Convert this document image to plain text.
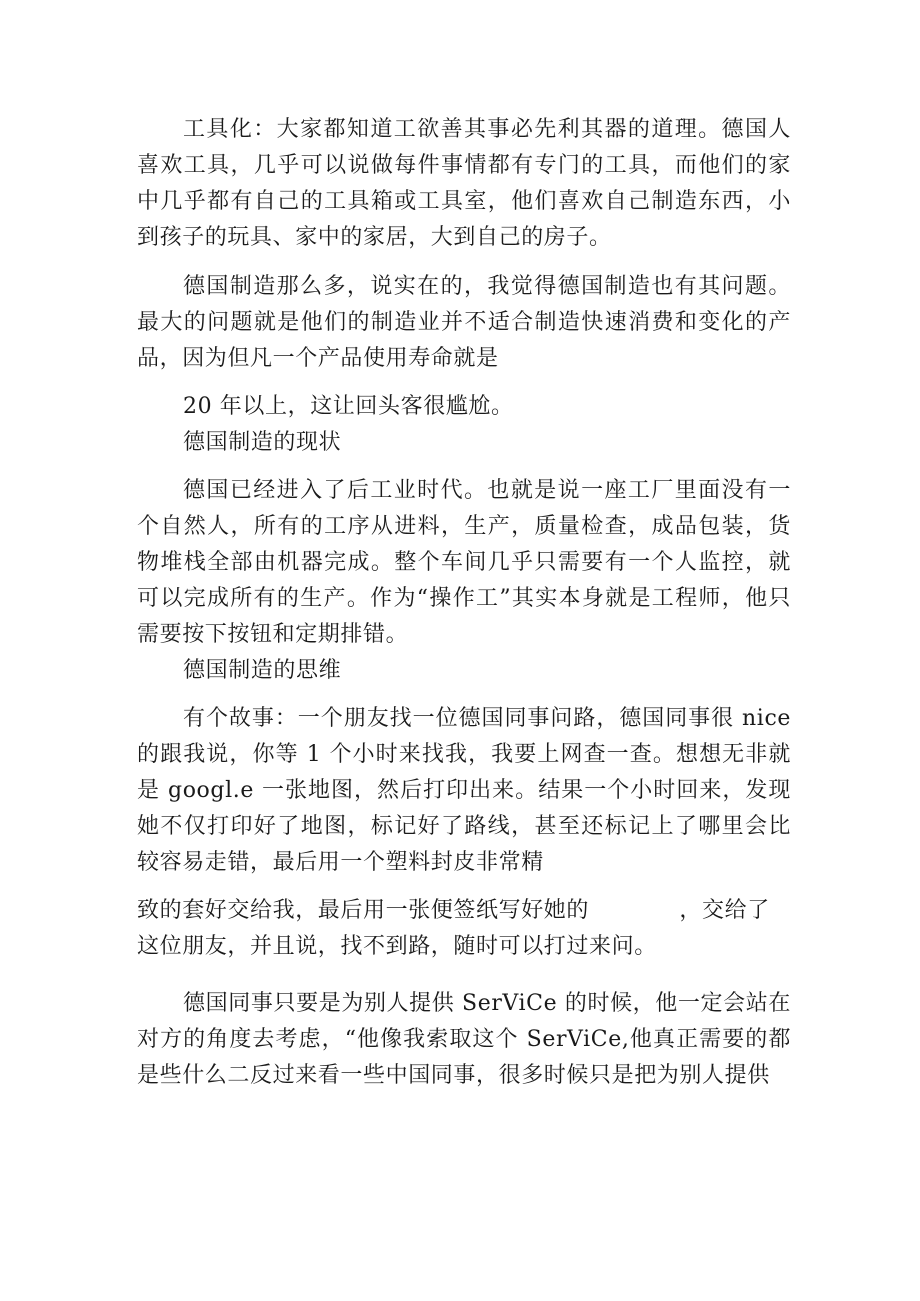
工具化：大家都知道工欲善其事必先利其器的道理。德国人喜欢工具，几乎可以说做每件事情都有专门的工具，而他们的家中几乎都有自己的工具箱或工具室，他们喜欢自己制造东西，小到孩子的玩具、家中的家居，大到自己的房子。

德国制造那么多，说实在的，我觉得德国制造也有其问题。最大的问题就是他们的制造业并不适合制造快速消费和变化的产品，因为但凡一个产品使用寿命就是

20 年以上，这让回头客很尴尬。

德国制造的现状

德国已经进入了后工业时代。也就是说一座工厂里面没有一个自然人，所有的工序从进料，生产，质量检查，成品包装，货物堆栈全部由机器完成。整个车间几乎只需要有一个人监控，就可以完成所有的生产。作为“操作工”其实本身就是工程师，他只需要按下按钮和定期排错。

德国制造的思维

有个故事：一个朋友找一位德国同事问路，德国同事很 nice 的跟我说，你等 1 个小时来找我，我要上网查一查。想想无非就是 googl.e 一张地图，然后打印出来。结果一个小时回来，发现她不仅打印好了地图，标记好了路线，甚至还标记上了哪里会比较容易走错，最后用一个塑料封皮非常精

致的套好交给我，最后用一张便签纸写好她的　　　　，交给了

这位朋友，并且说，找不到路，随时可以打过来问。

德国同事只要是为别人提供 SerViCe 的时候，他一定会站在对方的角度去考虑，“他像我索取这个 SerViCe,他真正需要的都是些什么二反过来看一些中国同事，很多时候只是把为别人提供
